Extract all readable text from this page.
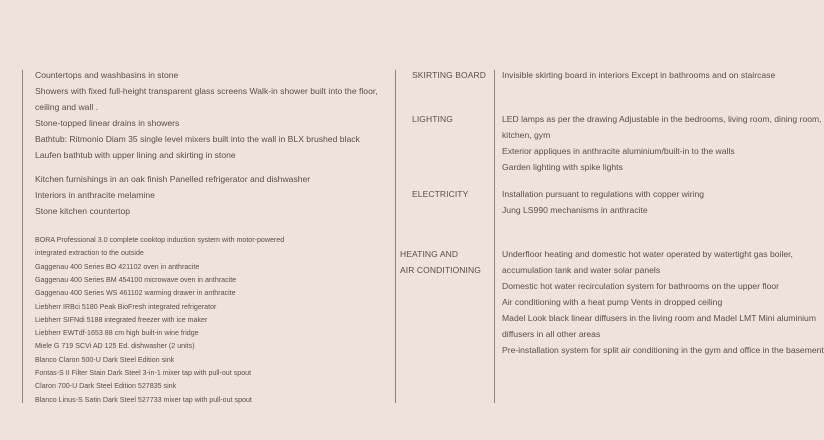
Countertops and washbasins in stone
Showers with fixed full-height transparent glass screens Walk-in shower built into the floor,
ceiling and wall .
Stone-topped linear drains in showers
Bathtub: Ritmonio Diam 35 single level mixers built into the wall in BLX brushed black
Laufen bathtub with upper lining and skirting in stone
Kitchen furnishings in an oak finish Panelled refrigerator and dishwasher
Interiors in anthracite melamine
Stone kitchen countertop
BORA Professional 3.0 complete cooktop induction system with motor-powered
integrated extraction to the outside
Gaggenau 400 Series BO 421102 oven in anthracite
Gaggenau 400 Series BM 454100 microwave oven in anthracite
Gaggenau 400 Series WS 461102 warming drawer in anthracite
Liebherr IRBci 5180 Peak BioFresh integrated refrigerator
Liebherr SIFNdi 5188 integrated freezer with ice maker
Liebherr EWTdf-1653 88 cm high built-in wine fridge
Miele G 719 SCVi AD 125 Ed. dishwasher (2 units)
Blanco Claron 500-U Dark Steel Edition sink
Fontas-S II Filter Stain Dark Steel 3-in-1 mixer tap with pull-out spout
Claron 700-U Dark Steel Edition 527835 sink
Blanco Linus-S Satin Dark Steel 527733 mixer tap with pull-out spout
SKIRTING BOARD
LIGHTING
ELECTRICITY
HEATING AND
AIR CONDITIONING
Invisible skirting board in interiors Except in bathrooms and on staircase
LED lamps as per the drawing Adjustable in the bedrooms, living room, dining room,
kitchen, gym
Exterior appliques in anthracite aluminium/built-in to the walls
Garden lighting with spike lights
Installation pursuant to regulations with copper wiring
Jung LS990 mechanisms in anthracite
Underfloor heating and domestic hot water operated by watertight gas boiler,
accumulation tank and water solar panels
Domestic hot water recirculation system for bathrooms on the upper floor
Air conditioning with a heat pump Vents in dropped ceiling
Madel Look black linear diffusers in the living room and Madel LMT Mini aluminium
diffusers in all other areas
Pre-installation system for split air conditioning in the gym and office in the basement
